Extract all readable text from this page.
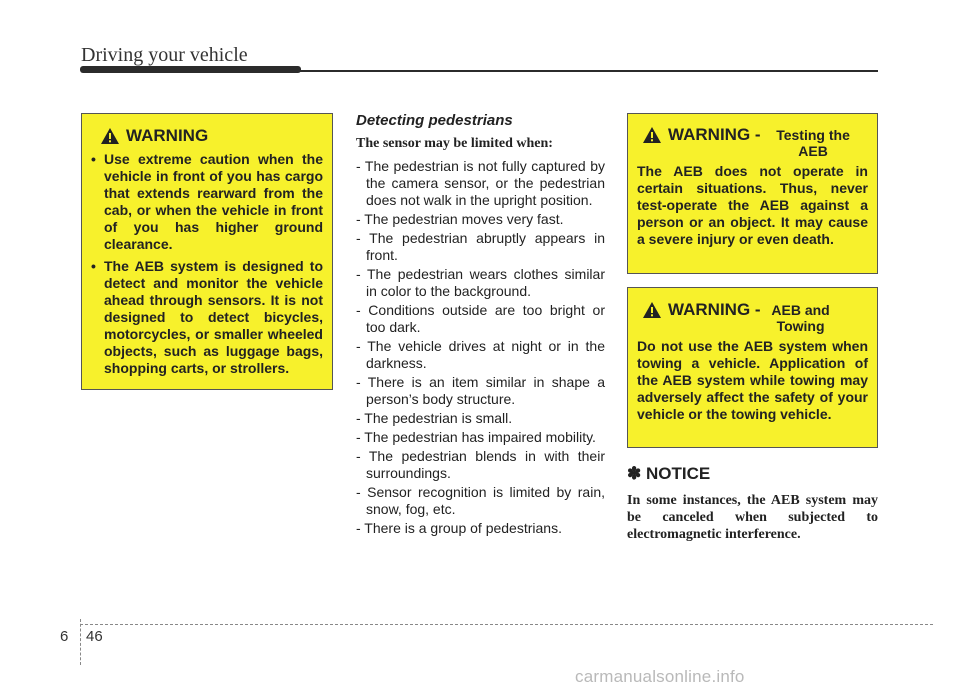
Driving your vehicle
WARNING
• Use extreme caution when the vehicle in front of you has cargo that extends rearward from the cab, or when the vehicle in front of you has higher ground clearance.
• The AEB system is designed to detect and monitor the vehicle ahead through sensors. It is not designed to detect bicycles, motorcycles, or smaller wheeled objects, such as luggage bags, shopping carts, or strollers.
Detecting pedestrians
The sensor may be limited when:
- The pedestrian is not fully captured by the camera sensor, or the pedestrian does not walk in the upright position.
- The pedestrian moves very fast.
- The pedestrian abruptly appears in front.
- The pedestrian wears clothes similar in color to the background.
- Conditions outside are too bright or too dark.
- The vehicle drives at night or in the darkness.
- There is an item similar in shape a person’s body structure.
- The pedestrian is small.
- The pedestrian has impaired mobility.
- The pedestrian blends in with their surroundings.
- Sensor recognition is limited by rain, snow, fog, etc.
- There is a group of pedestrians.
WARNING -	Testing the AEB
The AEB does not operate in certain situations. Thus, never test-operate the AEB against a person or an object. It may cause a severe injury or even death.
WARNING - AEB and Towing
Do not use the AEB system when towing a vehicle. Application of the AEB system while towing may adversely affect the safety of your vehicle or the towing vehicle.
✽ NOTICE
In some instances, the AEB system may be canceled when subjected to electromagnetic interference.
6 46
carmanualsonline.info
